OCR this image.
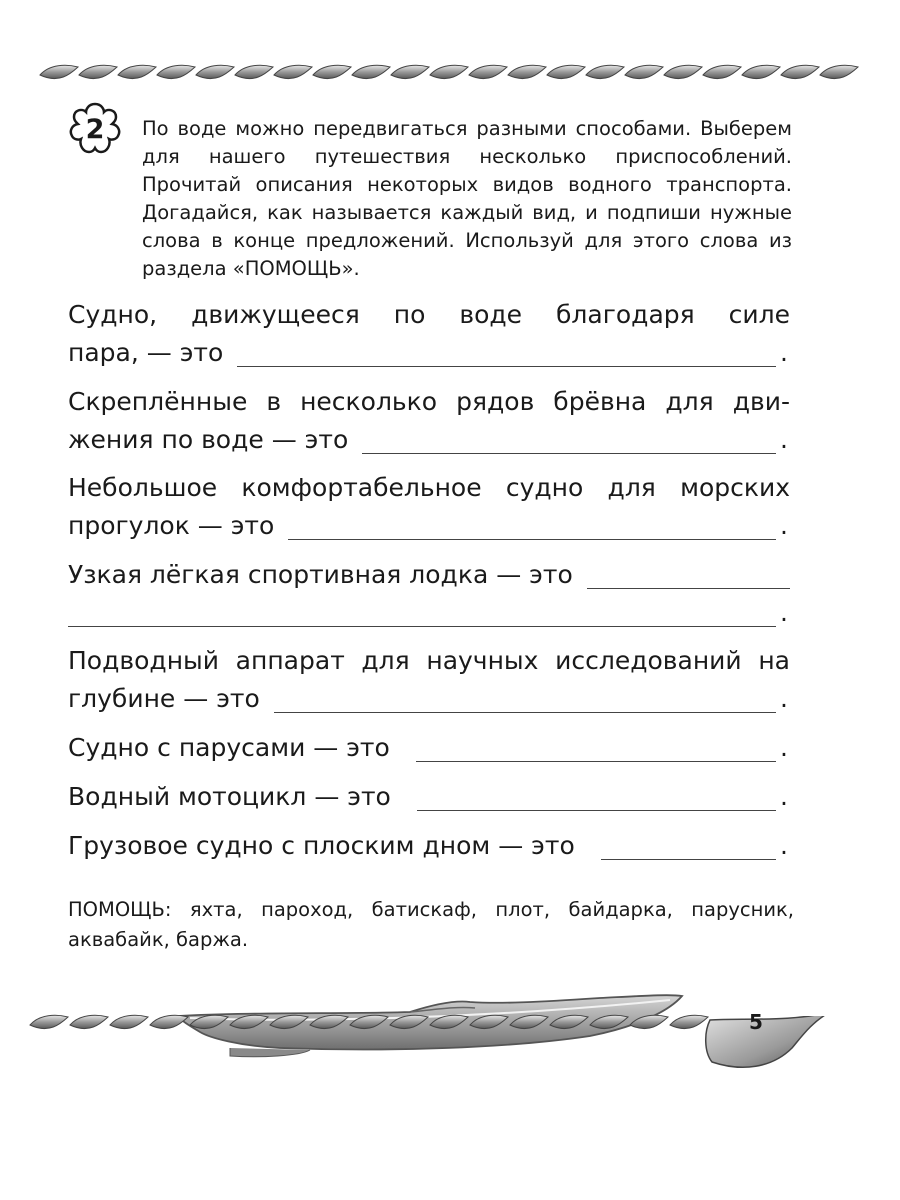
2	По воде можно передвигаться разными способами. Выберем для нашего путешествия несколько приспособлений. Прочитай описания некоторых видов водного транспорта. Догадайся, как называется каждый вид, и подпиши нужные слова в конце предложений. Используй для этого слова из раздела «ПОМОЩЬ».

Судно, движущееся по воде благодаря силе
пара, — это	.
Скреплённые в несколько рядов брёвна для дви-
жения по воде — это	.
Небольшое комфортабельное судно для морских
прогулок — это	.
Узкая лёгкая спортивная лодка — это
.
Подводный аппарат для научных исследований на
глубине — это	.
Судно с парусами — это	.
Водный мотоцикл — это	.
Грузовое судно с плоским дном — это	.

ПОМОЩЬ: яхта, пароход, батискаф, плот, байдарка, парусник, аквабайк, баржа.

5
